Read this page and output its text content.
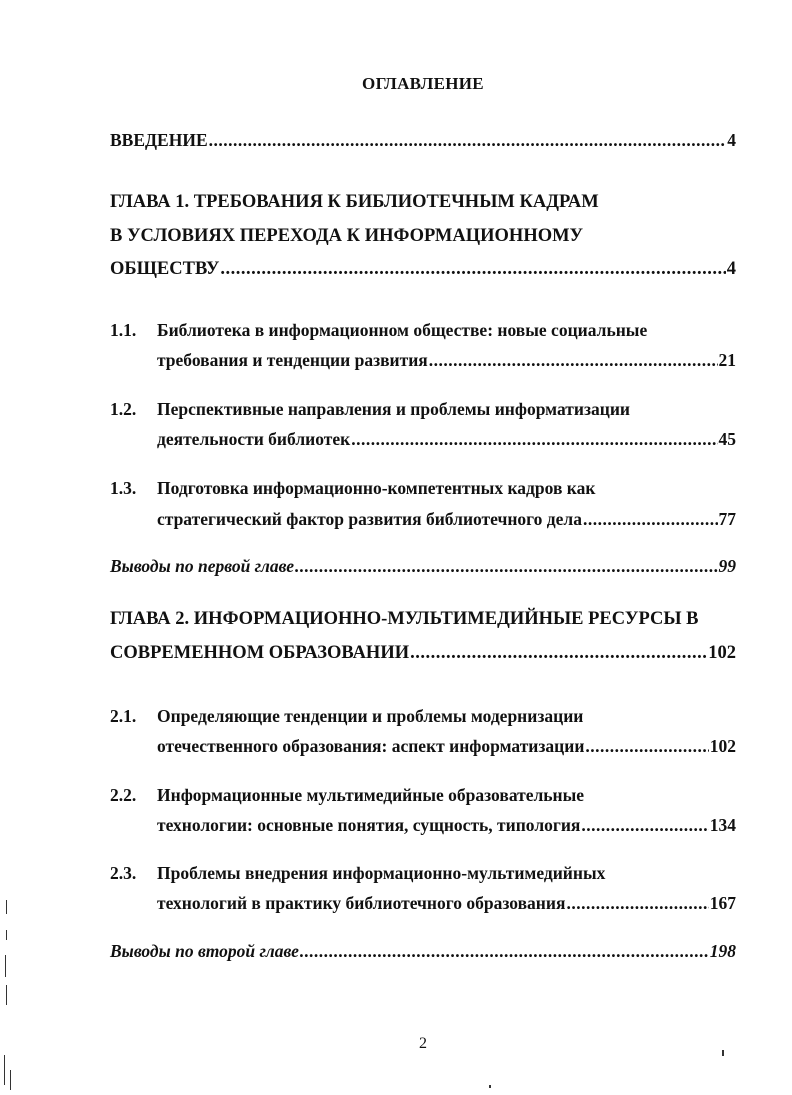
ОГЛАВЛЕНИЕ
ВВЕДЕНИЕ .....	4
ГЛАВА 1. ТРЕБОВАНИЯ К БИБЛИОТЕЧНЫМ КАДРАМ
В УСЛОВИЯХ ПЕРЕХОДА К ИНФОРМАЦИОННОМУ
ОБЩЕСТВУ .....	4
1.1. Библиотека в информационном обществе: новые социальные
требования и тенденции развития .....	21
1.2. Перспективные направления и проблемы информатизации
деятельности библиотек .....	45
1.3. Подготовка информационно-компетентных кадров как
стратегический фактор развития библиотечного дела .....	77
Выводы по первой главе .....	99
ГЛАВА 2. ИНФОРМАЦИОННО-МУЛЬТИМЕДИЙНЫЕ РЕСУРСЫ В
СОВРЕМЕННОМ ОБРАЗОВАНИИ .....	102
2.1. Определяющие тенденции и проблемы модернизации
отечественного образования: аспект информатизации .....	102
2.2. Информационные мультимедийные образовательные
технологии: основные понятия, сущность, типология .....	134
2.3. Проблемы внедрения информационно-мультимедийных
технологий в практику библиотечного образования .....	167
Выводы по второй главе .....	198
2
